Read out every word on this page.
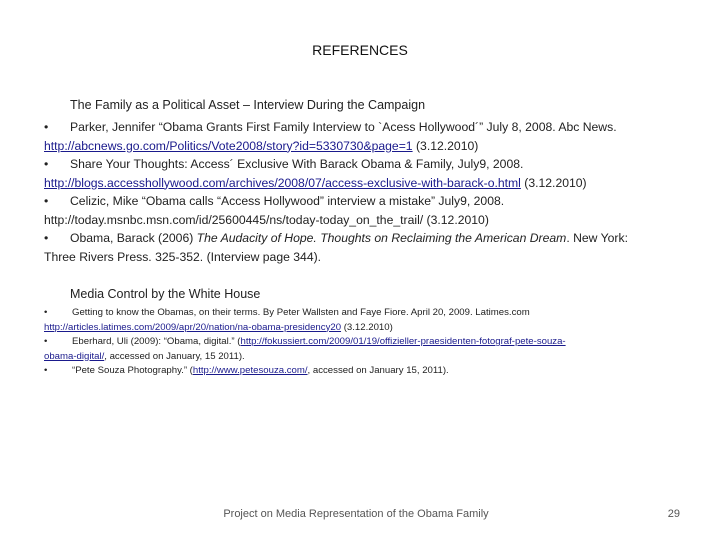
REFERENCES
The Family as a Political Asset – Interview During the Campaign

• Parker, Jennifer “Obama Grants First Family Interview to `Acess Hollywood´” July 8, 2008. Abc News.

http://abcnews.go.com/Politics/Vote2008/story?id=5330730&page=1 (3.12.2010)

• Share Your Thoughts: Access´ Exclusive With Barack Obama & Family, July9, 2008.

http://blogs.accesshollywood.com/archives/2008/07/access-exclusive-with-barack-o.html (3.12.2010)

• Celizic, Mike “Obama calls “Access Hollywood” interview a mistake” July9, 2008.

http://today.msnbc.msn.com/id/25600445/ns/today-today_on_the_trail/ (3.12.2010)

• Obama, Barack (2006) The Audacity of Hope. Thoughts on Reclaiming the American Dream. New York:

Three Rivers Press. 325-352. (Interview page 344).

Media Control by the White House

•	Getting to know the Obamas, on their terms. By Peter Wallsten and Faye Fiore. April 20, 2009. Latimes.com

http://articles.latimes.com/2009/apr/20/nation/na-obama-presidency20 (3.12.2010)

•	Eberhard, Uli (2009): “Obama, digital.” (http://fokussiert.com/2009/01/19/offizieller-praesidenten-fotograf-pete-souza-

obama-digital/, accessed on January, 15 2011).

•	“Pete Souza Photography.” (http://www.petesouza.com/, accessed on January 15, 2011).

Project on Media Representation of the Obama Family	29
